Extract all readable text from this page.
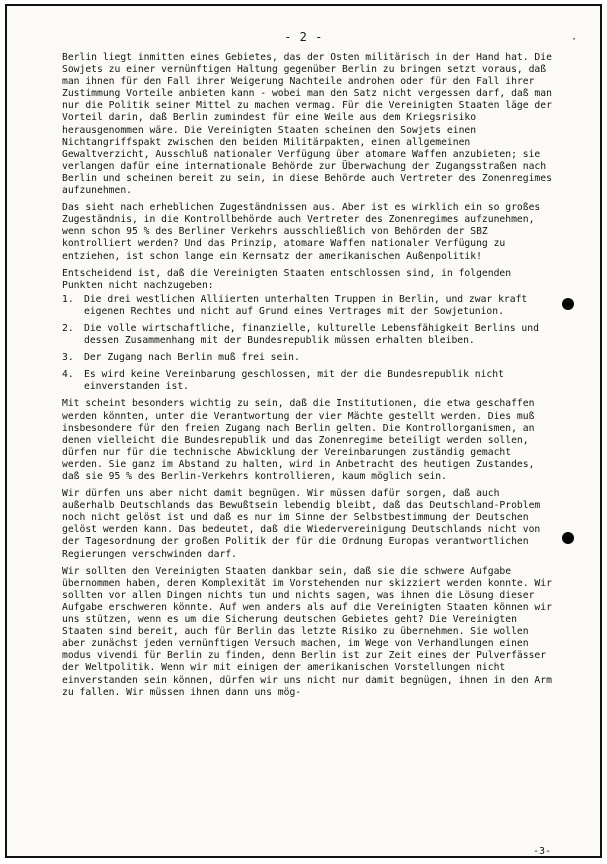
- 2 -	·

Berlin liegt inmitten eines Gebietes, das der Osten militärisch in der Hand hat. Die Sowjets zu einer vernünftigen Haltung gegenüber Berlin zu bringen setzt voraus, daß man ihnen für den Fall ihrer Weigerung Nachteile androhen oder für den Fall ihrer Zustimmung Vorteile anbieten kann - wobei man den Satz nicht vergessen darf, daß man nur die Politik seiner Mittel zu machen vermag. Für die Vereinigten Staaten läge der Vorteil darin, daß Berlin zumindest für eine Weile aus dem Kriegsrisiko herausgenommen wäre. Die Vereinigten Staaten scheinen den Sowjets einen Nichtangriffspakt zwischen den beiden Militärpakten, einen allgemeinen Gewaltverzicht, Ausschluß nationaler Verfügung über atomare Waffen anzubieten; sie verlangen dafür eine internationale Behörde zur Überwachung der Zugangsstraßen nach Berlin und scheinen bereit zu sein, in diese Behörde auch Vertreter des Zonenregimes aufzunehmen.

Das sieht nach erheblichen Zugeständnissen aus. Aber ist es wirklich ein so großes Zugeständnis, in die Kontrollbehörde auch Vertreter des Zonenregimes aufzunehmen, wenn schon 95 % des Berliner Verkehrs ausschließlich von Behörden der SBZ kontrolliert werden? Und das Prinzip, atomare Waffen nationaler Verfügung zu entziehen, ist schon lange ein Kernsatz der amerikanischen Außenpolitik!

Entscheidend ist, daß die Vereinigten Staaten entschlossen sind, in folgenden Punkten nicht nachzugeben:

1.	Die drei westlichen Alliierten unterhalten Truppen in Berlin, und zwar kraft eigenen Rechtes und nicht auf Grund eines Vertrages mit der Sowjetunion.
2.	Die volle wirtschaftliche, finanzielle, kulturelle Lebensfähigkeit Berlins und dessen Zusammenhang mit der Bundesrepublik müssen erhalten bleiben.
3.	Der Zugang nach Berlin muß frei sein.
4.	Es wird keine Vereinbarung geschlossen, mit der die Bundesrepublik nicht einverstanden ist.

Mit scheint besonders wichtig zu sein, daß die Institutionen, die etwa geschaffen werden könnten, unter die Verantwortung der vier Mächte gestellt werden. Dies muß insbesondere für den freien Zugang nach Berlin gelten. Die Kontrollorganismen, an denen vielleicht die Bundesrepublik und das Zonenregime beteiligt werden sollen, dürfen nur für die technische Abwicklung der Vereinbarungen zuständig gemacht werden. Sie ganz im Abstand zu halten, wird in Anbetracht des heutigen Zustandes, daß sie 95 % des Berlin-Verkehrs kontrollieren, kaum möglich sein.

Wir dürfen uns aber nicht damit begnügen. Wir müssen dafür sorgen, daß auch außerhalb Deutschlands das Bewußtsein lebendig bleibt, daß das Deutschland-Problem noch nicht gelöst ist und daß es nur im Sinne der Selbstbestimmung der Deutschen gelöst werden kann. Das bedeutet, daß die Wiedervereinigung Deutschlands nicht von der Tagesordnung der großen Politik der für die Ordnung Europas verantwortlichen Regierungen verschwinden darf.

Wir sollten den Vereinigten Staaten dankbar sein, daß sie die schwere Aufgabe übernommen haben, deren Komplexität im Vorstehenden nur skizziert werden konnte. Wir sollten vor allen Dingen nichts tun und nichts sagen, was ihnen die Lösung dieser Aufgabe erschweren könnte. Auf wen anders als auf die Vereinigten Staaten können wir uns stützen, wenn es um die Sicherung deutschen Gebietes geht? Die Vereinigten Staaten sind bereit, auch für Berlin das letzte Risiko zu übernehmen. Sie wollen aber zunächst jeden vernünftigen Versuch machen, im Wege von Verhandlungen einen modus vivendi für Berlin zu finden, denn Berlin ist zur Zeit eines der Pulverfässer der Weltpolitik. Wenn wir mit einigen der amerikanischen Vorstellungen nicht einverstanden sein können, dürfen wir uns nicht nur damit begnügen, ihnen in den Arm zu fallen. Wir müssen ihnen dann uns mög-

-3-
